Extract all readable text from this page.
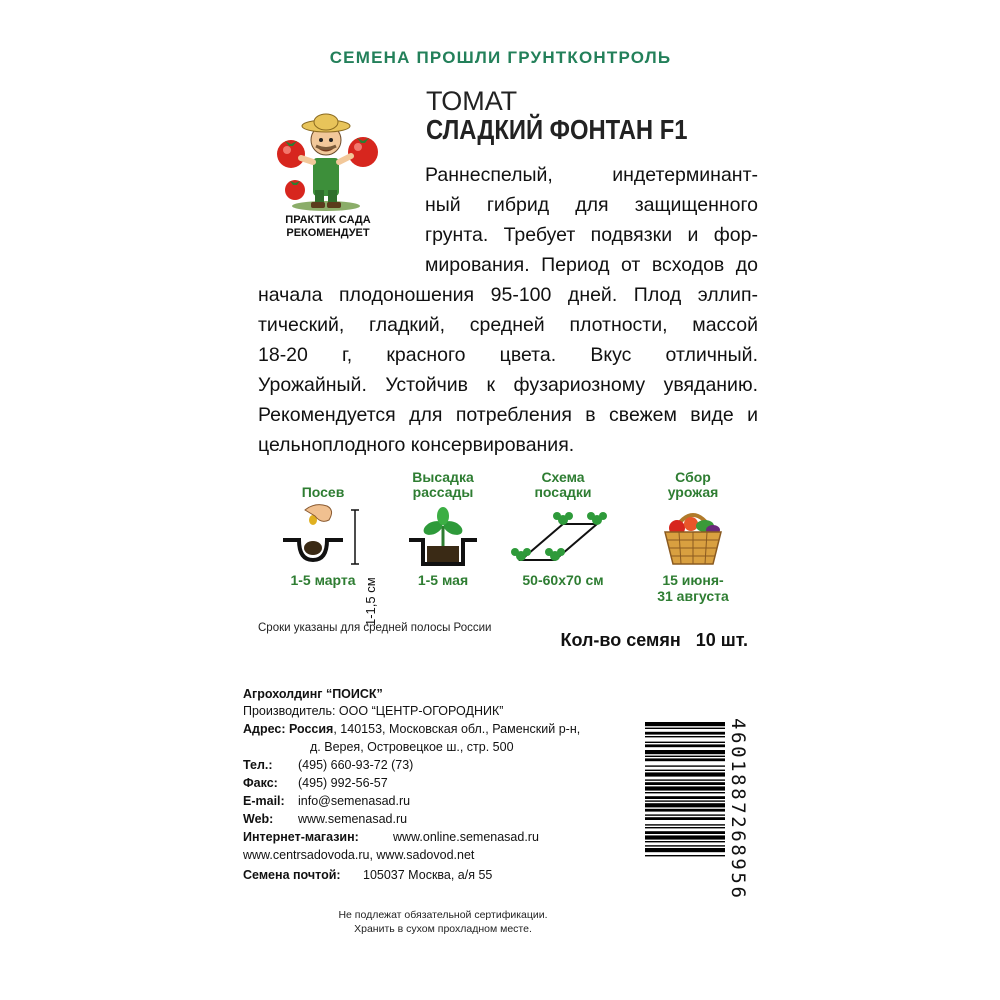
СЕМЕНА ПРОШЛИ ГРУНТКОНТРОЛЬ
ПРАКТИК САДА
РЕКОМЕНДУЕТ
ТОМАТ
СЛАДКИЙ ФОНТАН F1
Раннеспелый, индетерминант-
ный гибрид для защищенного
грунта. Требует подвязки и фор-
мирования. Период от всходов до
начала плодоношения 95-100 дней. Плод эллип-
тический, гладкий, средней плотности, массой
18-20 г, красного цвета. Вкус отличный.
Урожайный. Устойчив к фузариозному увяданию.
Рекомендуется для потребления в свежем виде и
цельноплодного консервирования.
Посев
1-1,5 см
1-5 марта
Высадка
рассады
1-5 мая
Схема
посадки
50-60x70 см
Сбор
урожая
15 июня-
31 августа
Сроки указаны для средней полосы России
Кол-во семян   10 шт.
Агрохолдинг “ПОИСК”
Производитель: ООО “ЦЕНТР-ОГОРОДНИК”
Адрес: Россия, 140153, Московская обл., Раменский р-н,
д. Верея, Островецкое ш., стр. 500
Тел.: (495) 660-93-72 (73)
Факс: (495) 992-56-57
E-mail: info@semenasad.ru
Web: www.semenasad.ru
Интернет-магазин:	www.online.semenasad.ru
www.centrsadovoda.ru, www.sadovod.net
Семена почтой: 105037 Москва, а/я 55	4601887268956
Не подлежат обязательной сертификации.
Хранить в сухом прохладном месте.
